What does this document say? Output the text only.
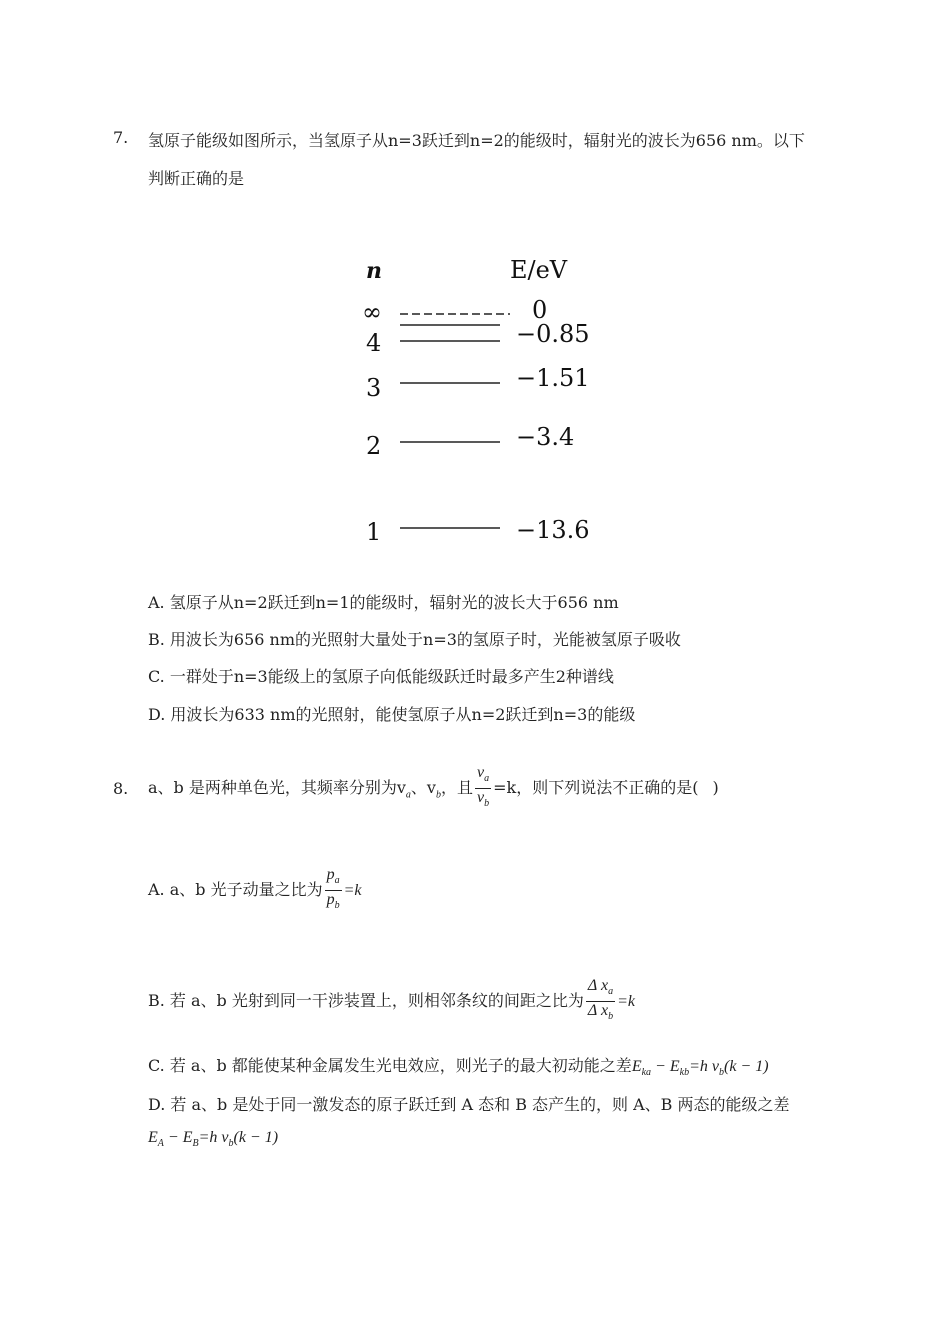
7. 氢原子能级如图所示，当氢原子从n=3跃迁到n=2的能级时，辐射光的波长为656 nm。以下
判断正确的是
n	E/eV
∞	0
4	−0.85
3	−1.51
2	−3.4
1	−13.6
A. 氢原子从n=2跃迁到n=1的能级时，辐射光的波长大于656 nm
B. 用波长为656 nm的光照射大量处于n=3的氢原子时，光能被氢原子吸收
C. 一群处于n=3能级上的氢原子向低能级跃迁时最多产生2种谱线
D. 用波长为633 nm的光照射，能使氢原子从n=2跃迁到n=3的能级
8. a、b 是两种单色光，其频率分别为$v_a$、$v_b$，且 $\frac{v_a}{v_b} =k$，则下列说法不正确的是( )
A. a、b 光子动量之比为 $\frac{p_a}{p_b} =k$
B. 若 a、b 光射到同一干涉装置上，则相邻条纹的间距之比为 $\frac{\Delta x_a}{\Delta x_b} =k$
C. 若 a、b 都能使某种金属发生光电效应，则光子的最大初动能之差$E_{ka} - E_{kb}=h$ $v_b(k - 1)$
D. 若 a、b 是处于同一激发态的原子跃迁到 A 态和 B 态产生的，则 A、B 两态的能级之差
$E_A - E_B=h$ $v_b(k - 1)$
